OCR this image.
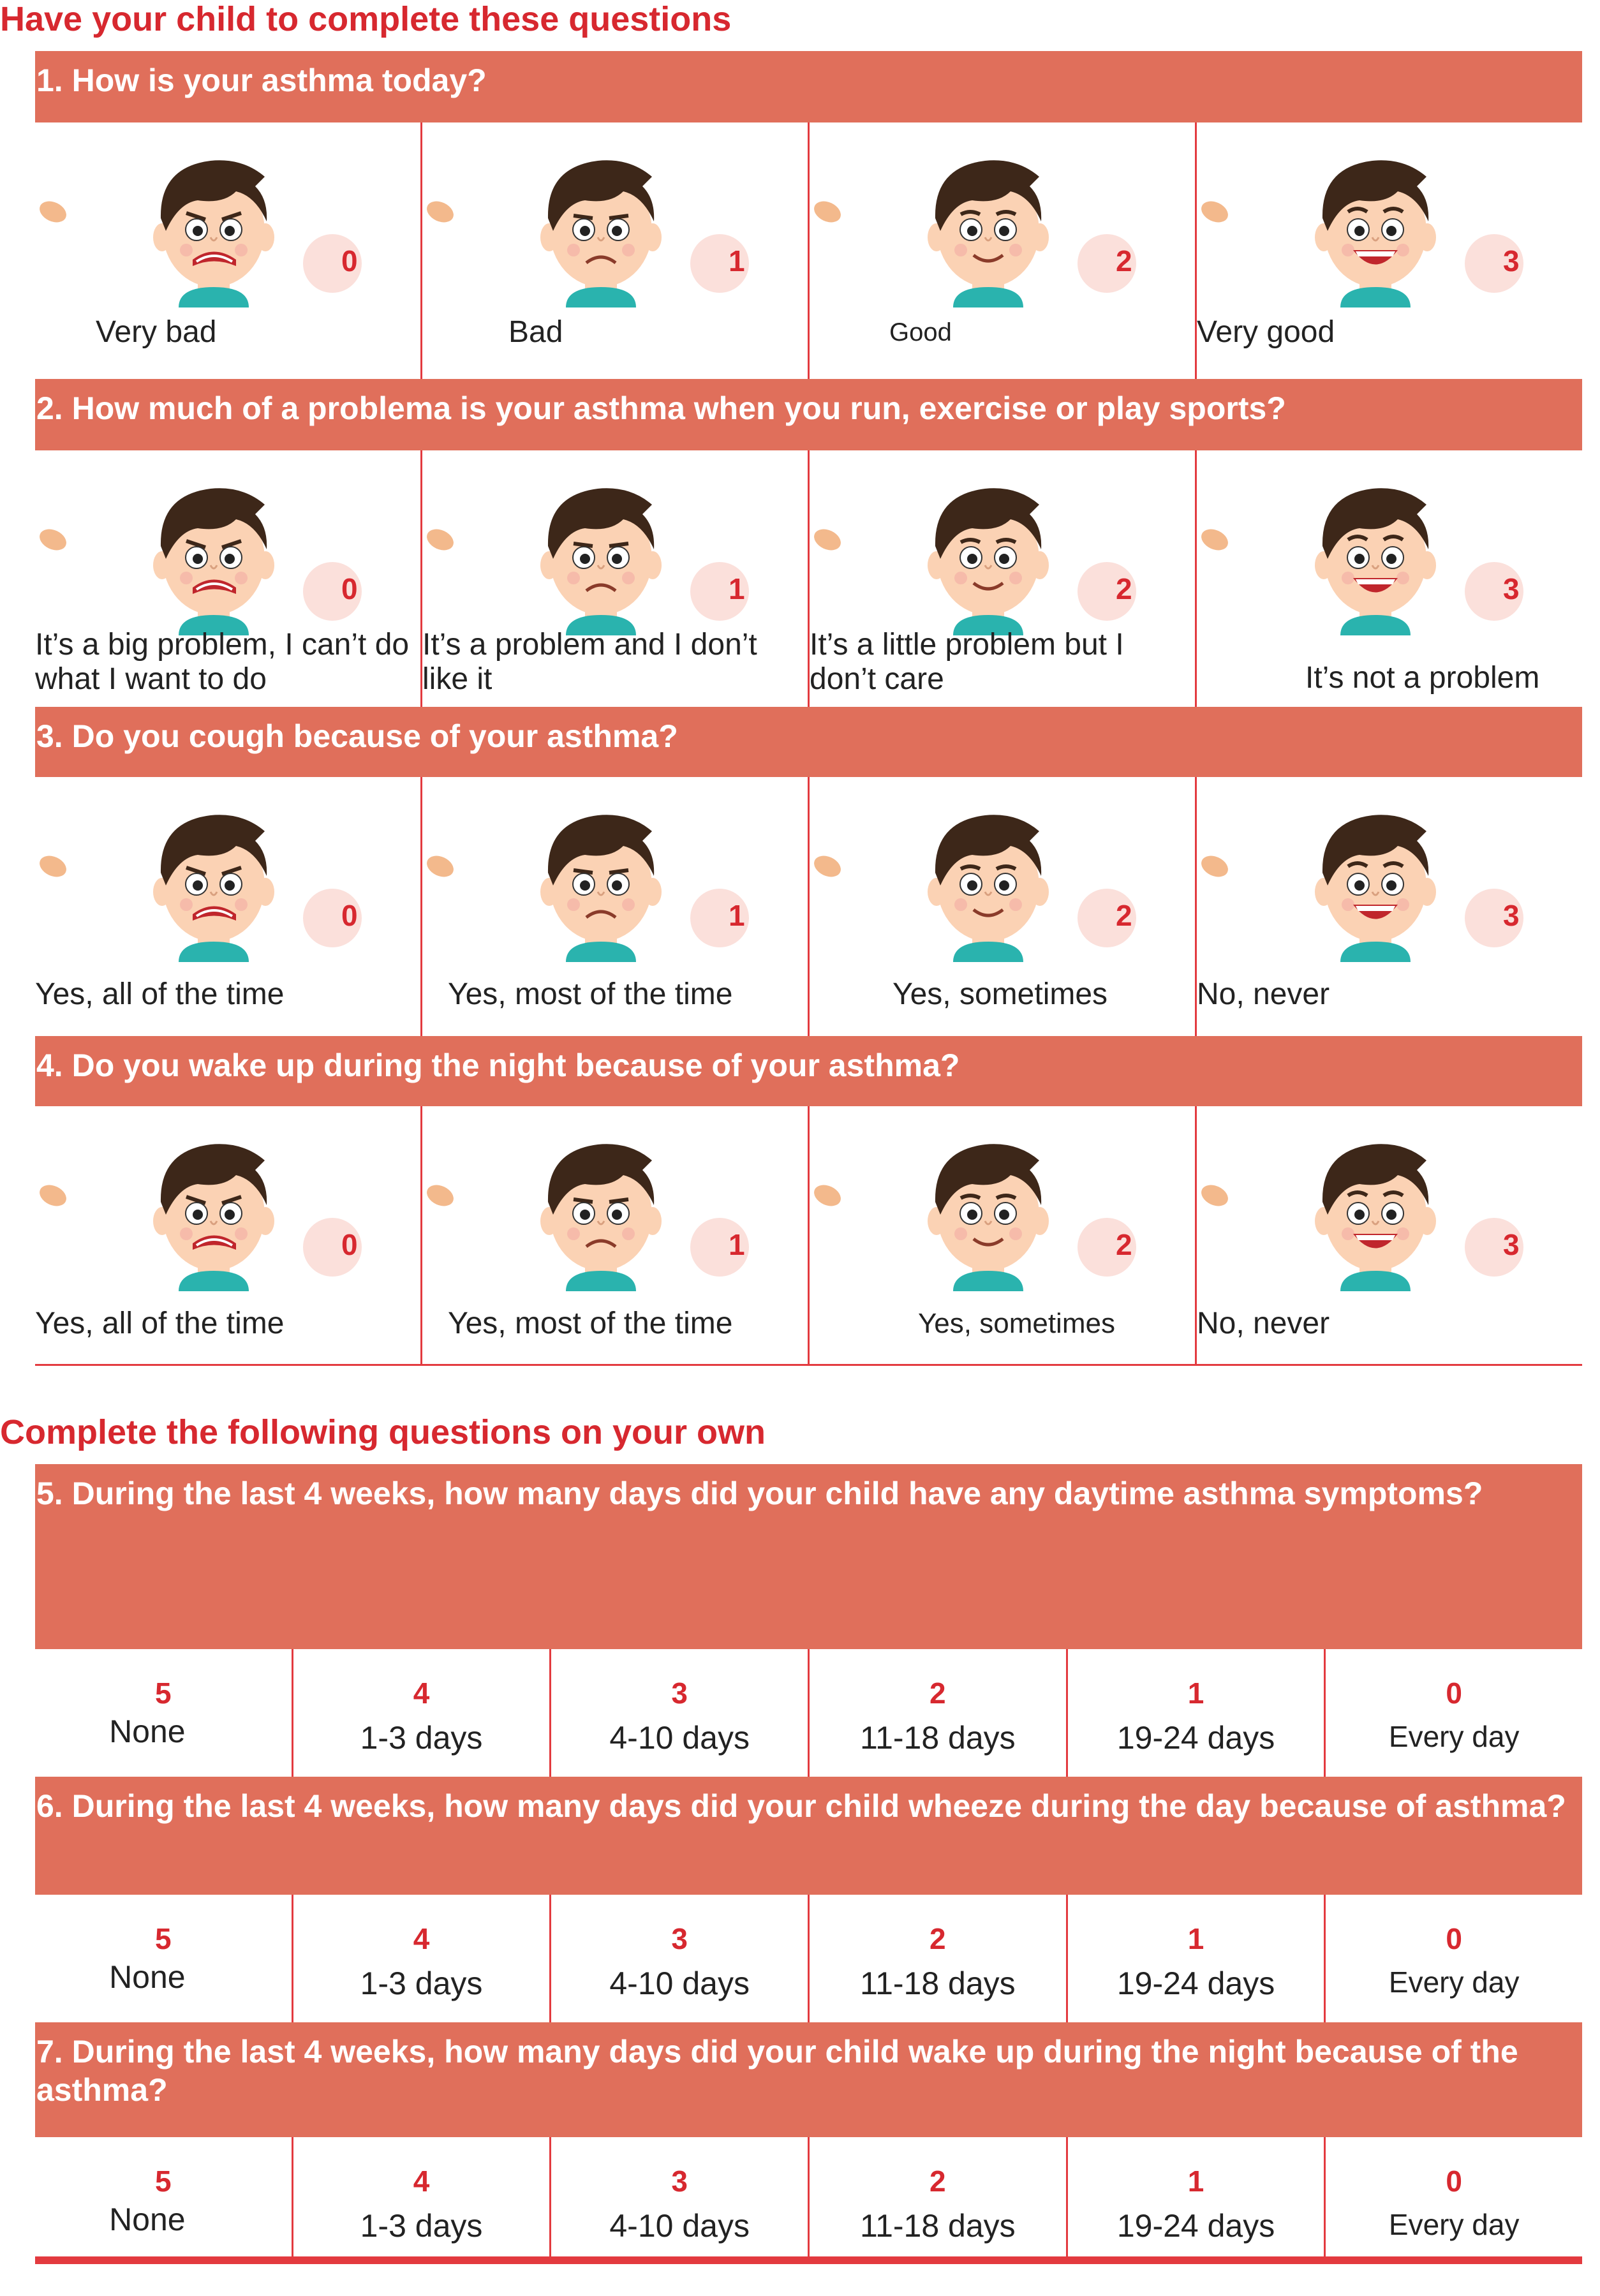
Have your child to complete these questions
1. How is your asthma today?
0
Very bad
1
Bad
2
Good
3
Very good
2. How much of a problema is your asthma when you run, exercise or play sports?
0
It’s a big problem, I can’t do what I want to do
1
It’s a problem and I don’t like it
2
It’s a little problem but I don’t care
3
It’s not a problem
3. Do you cough because of your asthma?
0
Yes, all of the time
1
Yes, most of the time
2
Yes, sometimes
3
No, never
4. Do you wake up during the night because of your asthma?
0
Yes, all of the time
1
Yes, most of the time
2
Yes, sometimes
3
No, never
Complete the following questions on your own
5. During the last 4 weeks, how many days did your child have any daytime asthma symptoms?
5
None
4
1-3 days
3
4-10 days
2
11-18 days
1
19-24 days
0
Every day
6. During the last 4 weeks, how many days did your child wheeze during the day because of asthma?
5
None
4
1-3 days
3
4-10 days
2
11-18 days
1
19-24 days
0
Every day
7. During the last 4 weeks, how many days did your child wake up during the night because of the asthma?
5
None
4
1-3 days
3
4-10 days
2
11-18 days
1
19-24 days
0
Every day
